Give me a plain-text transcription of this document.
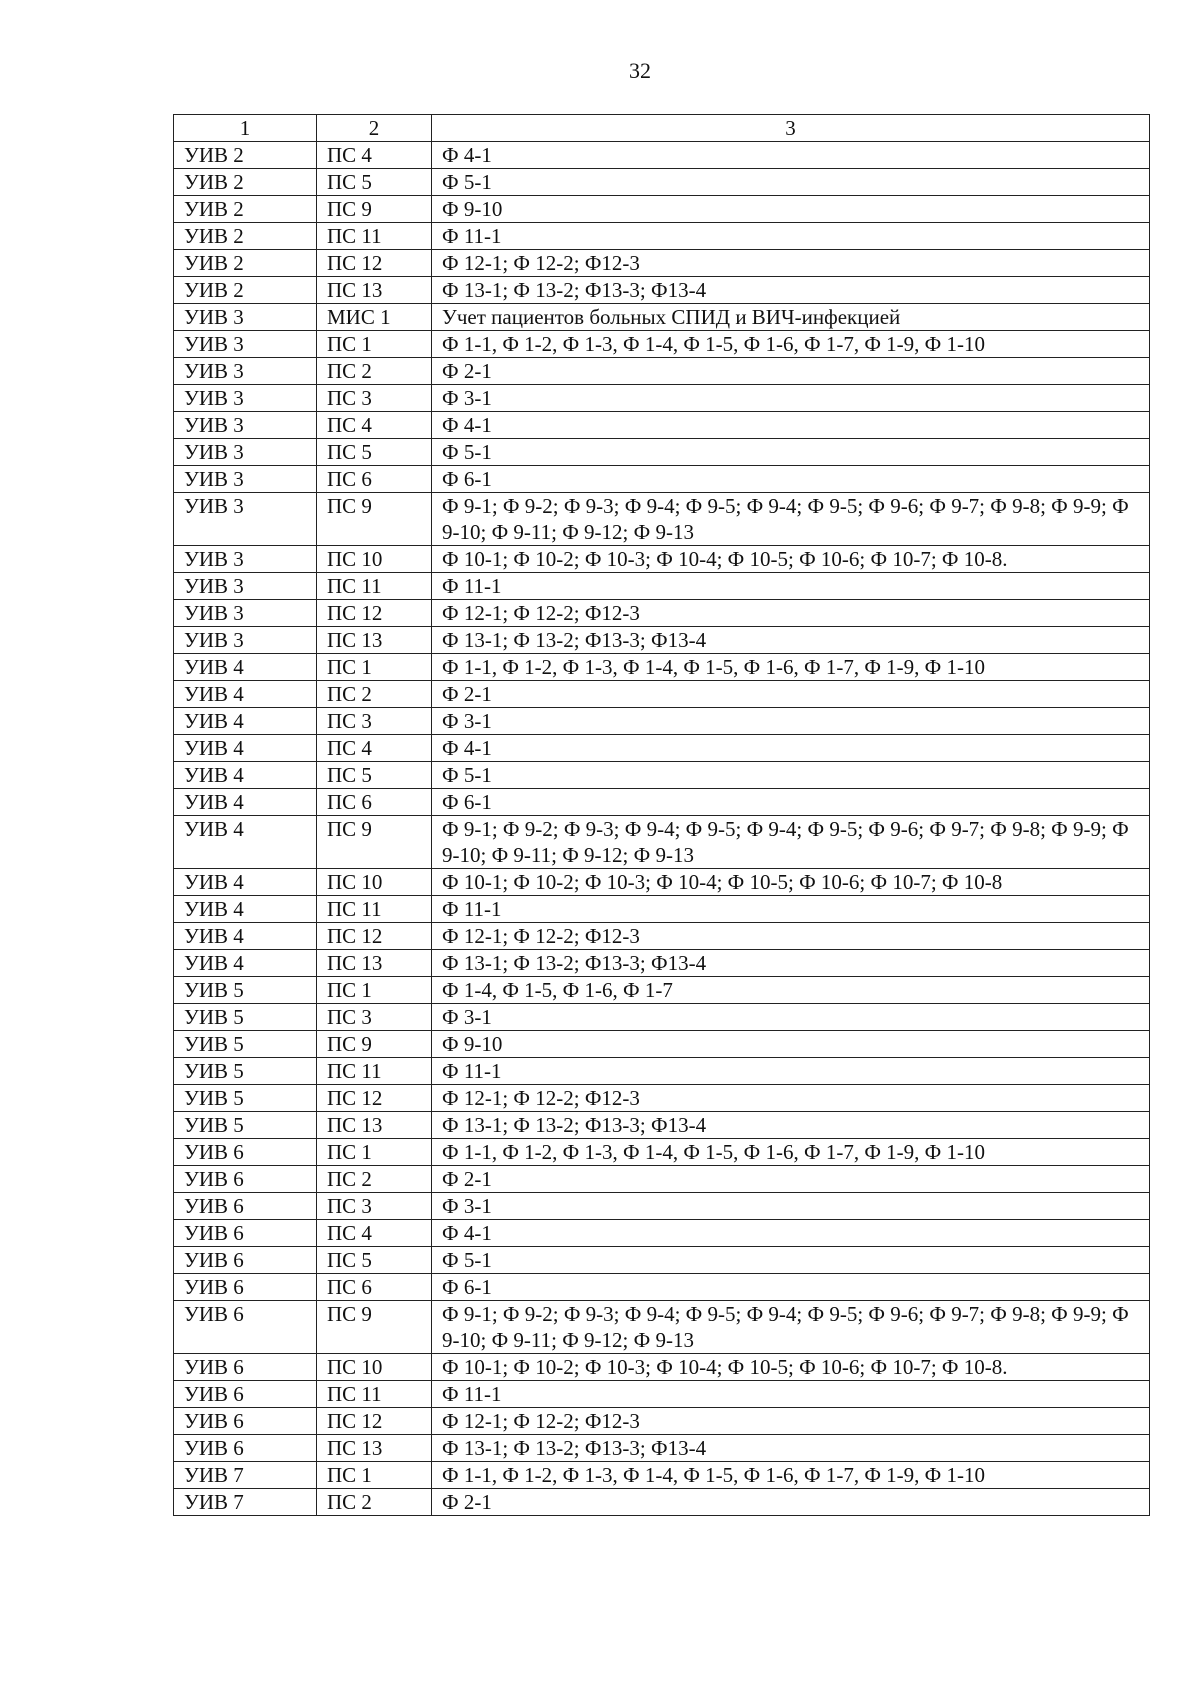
32
1	2	3
УИВ 2	ПС 4	Ф 4-1
УИВ 2	ПС 5	Ф 5-1
УИВ 2	ПС 9	Ф 9-10
УИВ 2	ПС 11	Ф 11-1
УИВ 2	ПС 12	Ф 12-1; Ф 12-2; Ф12-3
УИВ 2	ПС 13	Ф 13-1; Ф 13-2; Ф13-3; Ф13-4
УИВ 3	МИС 1	Учет пациентов больных СПИД и ВИЧ-инфекцией
УИВ 3	ПС 1	Ф 1-1, Ф 1-2, Ф 1-3, Ф 1-4, Ф 1-5, Ф 1-6, Ф 1-7, Ф 1-9, Ф 1-10
УИВ 3	ПС 2	Ф 2-1
УИВ 3	ПС 3	Ф 3-1
УИВ 3	ПС 4	Ф 4-1
УИВ 3	ПС 5	Ф 5-1
УИВ 3	ПС 6	Ф 6-1
УИВ 3	ПС 9	Ф 9-1; Ф 9-2; Ф 9-3; Ф 9-4; Ф 9-5; Ф 9-4; Ф 9-5; Ф 9-6; Ф 9-7; Ф 9-8; Ф 9-9; Ф 9-10; Ф 9-11; Ф 9-12; Ф 9-13
УИВ 3	ПС 10	Ф 10-1; Ф 10-2; Ф 10-3; Ф 10-4; Ф 10-5; Ф 10-6; Ф 10-7; Ф 10-8.
УИВ 3	ПС 11	Ф 11-1
УИВ 3	ПС 12	Ф 12-1; Ф 12-2; Ф12-3
УИВ 3	ПС 13	Ф 13-1; Ф 13-2; Ф13-3; Ф13-4
УИВ 4	ПС 1	Ф 1-1, Ф 1-2, Ф 1-3, Ф 1-4, Ф 1-5, Ф 1-6, Ф 1-7, Ф 1-9, Ф 1-10
УИВ 4	ПС 2	Ф 2-1
УИВ 4	ПС 3	Ф 3-1
УИВ 4	ПС 4	Ф 4-1
УИВ 4	ПС 5	Ф 5-1
УИВ 4	ПС 6	Ф 6-1
УИВ 4	ПС 9	Ф 9-1; Ф 9-2; Ф 9-3; Ф 9-4; Ф 9-5; Ф 9-4; Ф 9-5; Ф 9-6; Ф 9-7; Ф 9-8; Ф 9-9; Ф 9-10; Ф 9-11; Ф 9-12; Ф 9-13
УИВ 4	ПС 10	Ф 10-1; Ф 10-2; Ф 10-3; Ф 10-4; Ф 10-5; Ф 10-6; Ф 10-7; Ф 10-8
УИВ 4	ПС 11	Ф 11-1
УИВ 4	ПС 12	Ф 12-1; Ф 12-2; Ф12-3
УИВ 4	ПС 13	Ф 13-1; Ф 13-2; Ф13-3; Ф13-4
УИВ 5	ПС 1	Ф 1-4, Ф 1-5, Ф 1-6, Ф 1-7
УИВ 5	ПС 3	Ф 3-1
УИВ 5	ПС 9	Ф 9-10
УИВ 5	ПС 11	Ф 11-1
УИВ 5	ПС 12	Ф 12-1; Ф 12-2; Ф12-3
УИВ 5	ПС 13	Ф 13-1; Ф 13-2; Ф13-3; Ф13-4
УИВ 6	ПС 1	Ф 1-1, Ф 1-2, Ф 1-3, Ф 1-4, Ф 1-5, Ф 1-6, Ф 1-7, Ф 1-9, Ф 1-10
УИВ 6	ПС 2	Ф 2-1
УИВ 6	ПС 3	Ф 3-1
УИВ 6	ПС 4	Ф 4-1
УИВ 6	ПС 5	Ф 5-1
УИВ 6	ПС 6	Ф 6-1
УИВ 6	ПС 9	Ф 9-1; Ф 9-2; Ф 9-3; Ф 9-4; Ф 9-5; Ф 9-4; Ф 9-5; Ф 9-6; Ф 9-7; Ф 9-8; Ф 9-9; Ф 9-10; Ф 9-11; Ф 9-12; Ф 9-13
УИВ 6	ПС 10	Ф 10-1; Ф 10-2; Ф 10-3; Ф 10-4; Ф 10-5; Ф 10-6; Ф 10-7; Ф 10-8.
УИВ 6	ПС 11	Ф 11-1
УИВ 6	ПС 12	Ф 12-1; Ф 12-2; Ф12-3
УИВ 6	ПС 13	Ф 13-1; Ф 13-2; Ф13-3; Ф13-4
УИВ 7	ПС 1	Ф 1-1, Ф 1-2, Ф 1-3, Ф 1-4, Ф 1-5, Ф 1-6, Ф 1-7, Ф 1-9, Ф 1-10
УИВ 7	ПС 2	Ф 2-1
